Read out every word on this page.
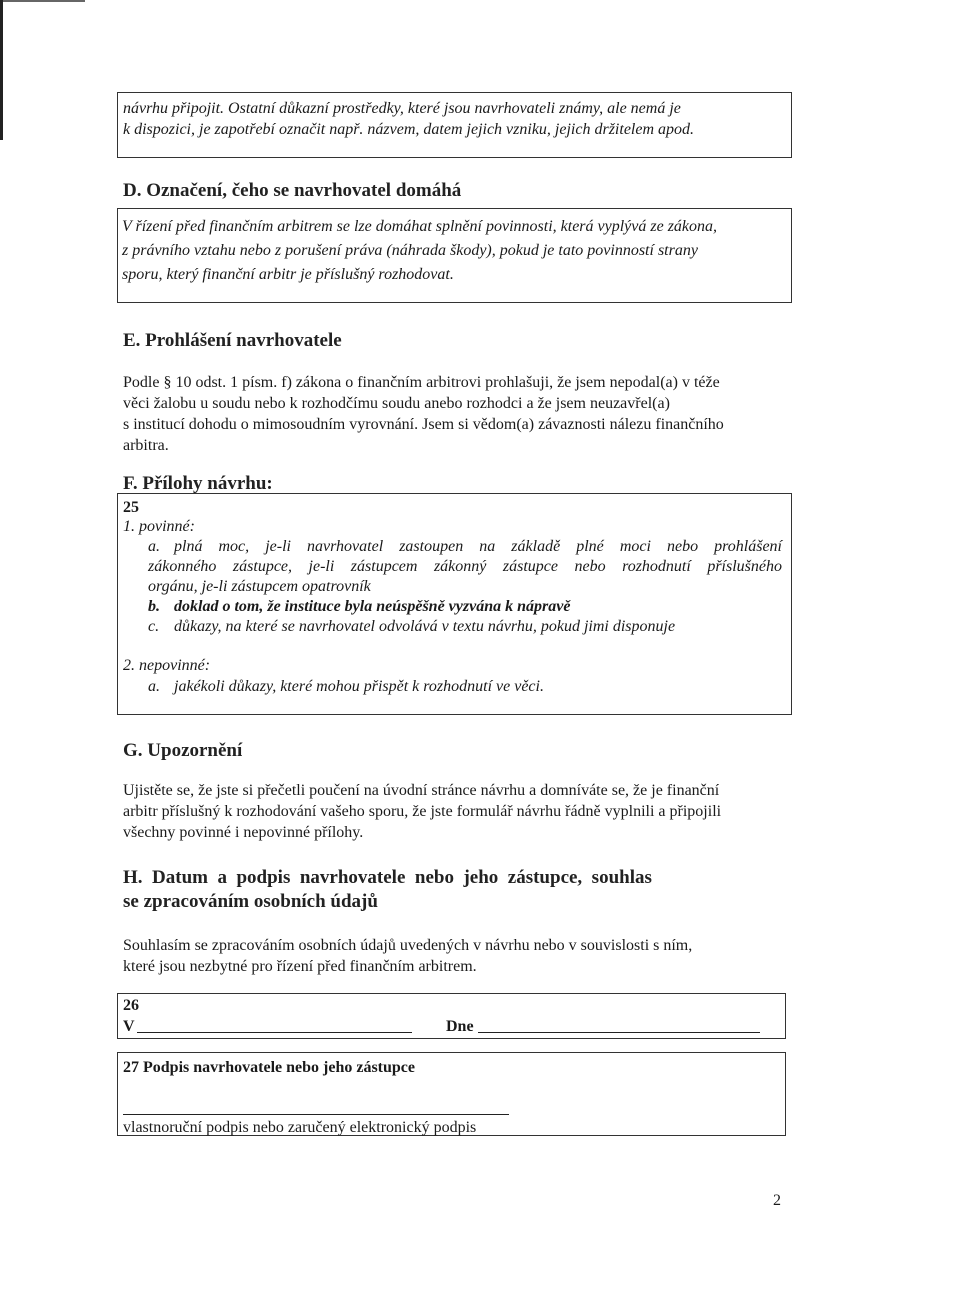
návrhu připojit. Ostatní důkazní prostředky, které jsou navrhovateli známy, ale nemá je

k dispozici, je zapotřebí označit např. názvem, datem jejich vzniku, jejich držitelem apod.

D. Označení, čeho se navrhovatel domáhá

V řízení před finančním arbitrem se lze domáhat splnění povinnosti, která vyplývá ze zákona,

z právního vztahu nebo z porušení práva (náhrada škody), pokud je tato povinností strany

sporu, který finanční arbitr je příslušný rozhodovat.

E. Prohlášení navrhovatele

Podle § 10 odst. 1 písm. f) zákona o finančním arbitrovi prohlašuji, že jsem nepodal(a) v téže

věci žalobu u soudu nebo k rozhodčímu soudu anebo rozhodci a že jsem neuzavřel(a)

s institucí dohodu o mimosoudním vyrovnání. Jsem si vědom(a) závaznosti nálezu finančního

arbitra.

F. Přílohy návrhu:
25
1. povinné:
a. plná moc, je-li navrhovatel zastoupen na základě plné moci nebo prohlášení
zákonného zástupce, je-li zástupcem zákonný zástupce nebo rozhodnutí příslušného
orgánu, je-li zástupcem opatrovník
b. doklad o tom, že instituce byla neúspěšně vyzvána k nápravě
c. důkazy, na které se navrhovatel odvolává v textu návrhu, pokud jimi disponuje
2. nepovinné:
a. jakékoli důkazy, které mohou přispět k rozhodnutí ve věci.
G. Upozornění

Ujistěte se, že jste si přečetli poučení na úvodní stránce návrhu a domníváte se, že je finanční

arbitr příslušný k rozhodování vašeho sporu, že jste formulář návrhu řádně vyplnili a připojili

všechny povinné i nepovinné přílohy.

H.  Datum  a  podpis  navrhovatele  nebo  jeho  zástupce,  souhlas
se zpracováním osobních údajů

Souhlasím se zpracováním osobních údajů uvedených v návrhu nebo v souvislosti s ním,

které jsou nezbytné pro řízení před finančním arbitrem.

26
V	Dne
27 Podpis navrhovatele nebo jeho zástupce
vlastnoruční podpis nebo zaručený elektronický podpis
2
